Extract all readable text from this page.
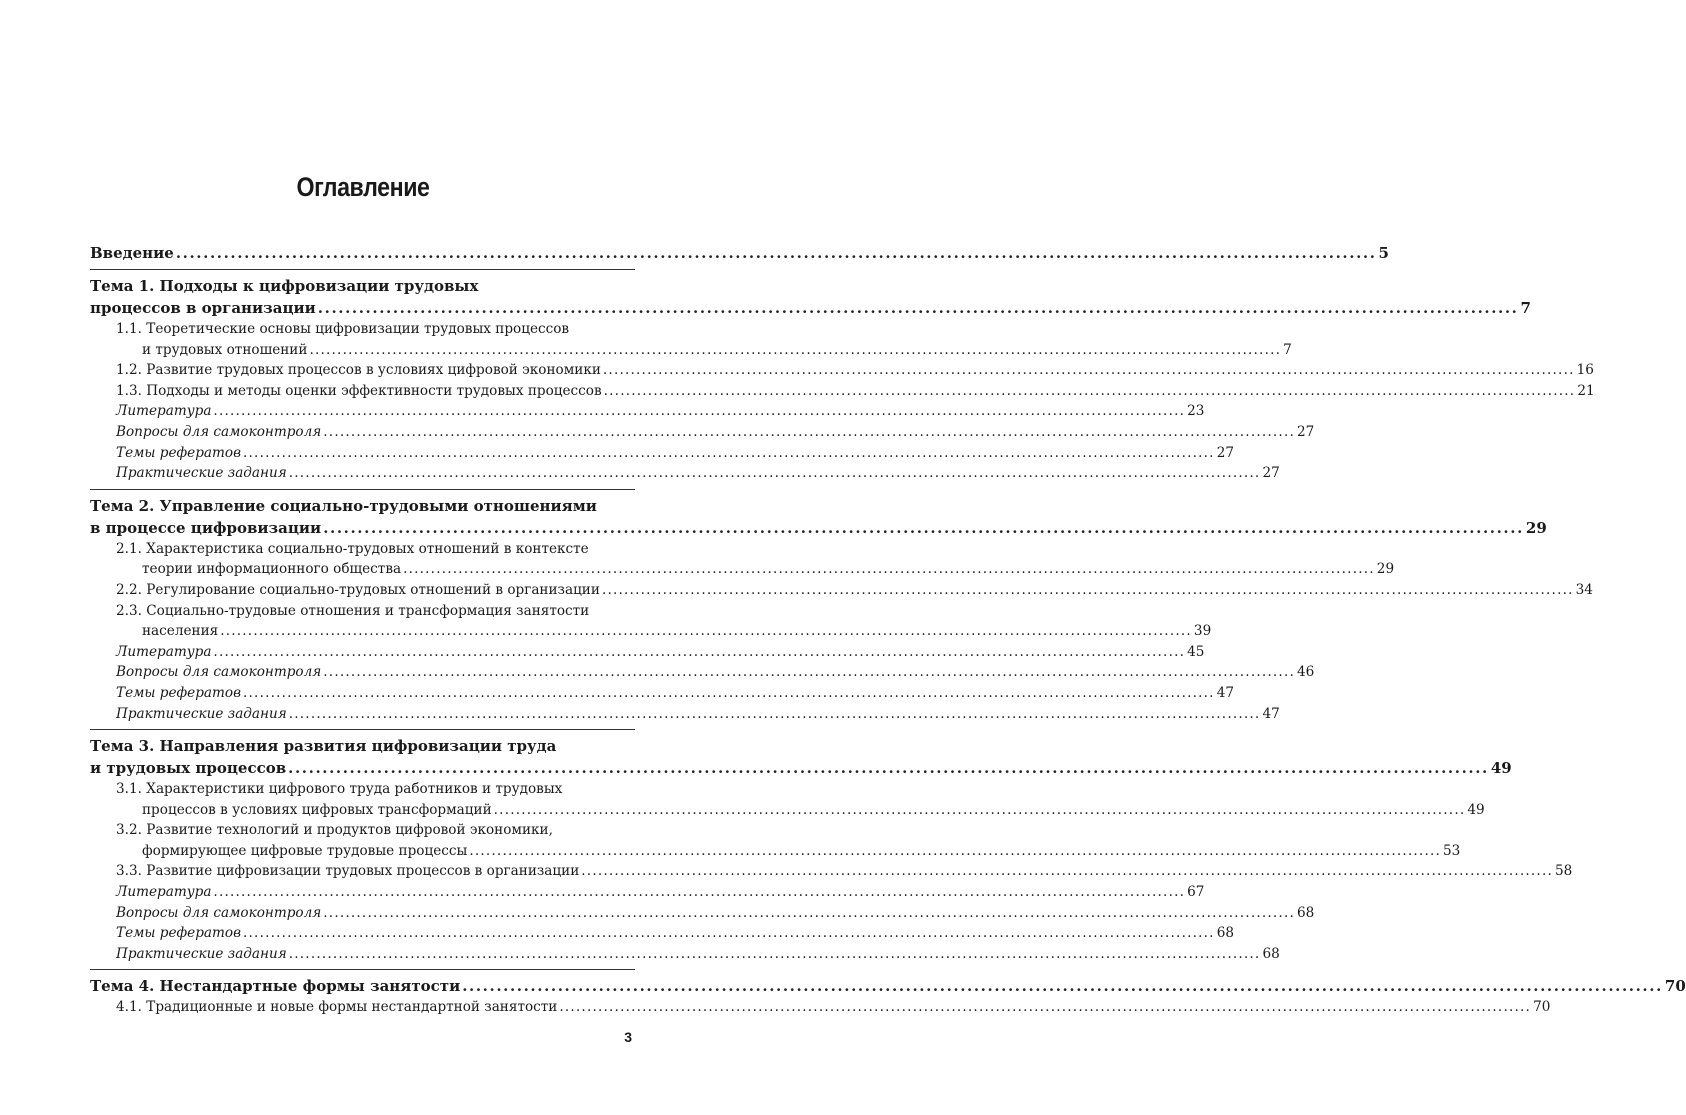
Оглавление
Введение ................................................................................................................................................................................ 5
Тема 1. Подходы к цифровизации трудовых
процессов в организации ................................................................................................................................................................................ 7
1.1. Теоретические основы цифровизации трудовых процессов
и трудовых отношений ................................................................................................................................................................................ 7
1.2. Развитие трудовых процессов в условиях цифровой экономики ................................................................................................................................................................................ 16
1.3. Подходы и методы оценки эффективности трудовых процессов ................................................................................................................................................................................ 21
Литература ................................................................................................................................................................................ 23
Вопросы для самоконтроля ................................................................................................................................................................................ 27
Темы рефератов ................................................................................................................................................................................ 27
Практические задания ................................................................................................................................................................................ 27
Тема 2. Управление социально-трудовыми отношениями
в процессе цифровизации ................................................................................................................................................................................ 29
2.1. Характеристика социально-трудовых отношений в контексте
теории информационного общества ................................................................................................................................................................................ 29
2.2. Регулирование социально-трудовых отношений в организации ................................................................................................................................................................................ 34
2.3. Социально-трудовые отношения и трансформация занятости
населения ................................................................................................................................................................................ 39
Литература ................................................................................................................................................................................ 45
Вопросы для самоконтроля ................................................................................................................................................................................ 46
Темы рефератов ................................................................................................................................................................................ 47
Практические задания ................................................................................................................................................................................ 47
Тема 3. Направления развития цифровизации труда
и трудовых процессов ................................................................................................................................................................................ 49
3.1. Характеристики цифрового труда работников и трудовых
процессов в условиях цифровых трансформаций ................................................................................................................................................................................ 49
3.2. Развитие технологий и продуктов цифровой экономики,
формирующее цифровые трудовые процессы ................................................................................................................................................................................ 53
3.3. Развитие цифровизации трудовых процессов в организации ................................................................................................................................................................................ 58
Литература ................................................................................................................................................................................ 67
Вопросы для самоконтроля ................................................................................................................................................................................ 68
Темы рефератов ................................................................................................................................................................................ 68
Практические задания ................................................................................................................................................................................ 68
Тема 4. Нестандартные формы занятости ................................................................................................................................................................................ 70
4.1. Традиционные и новые формы нестандартной занятости ................................................................................................................................................................................ 70
3
